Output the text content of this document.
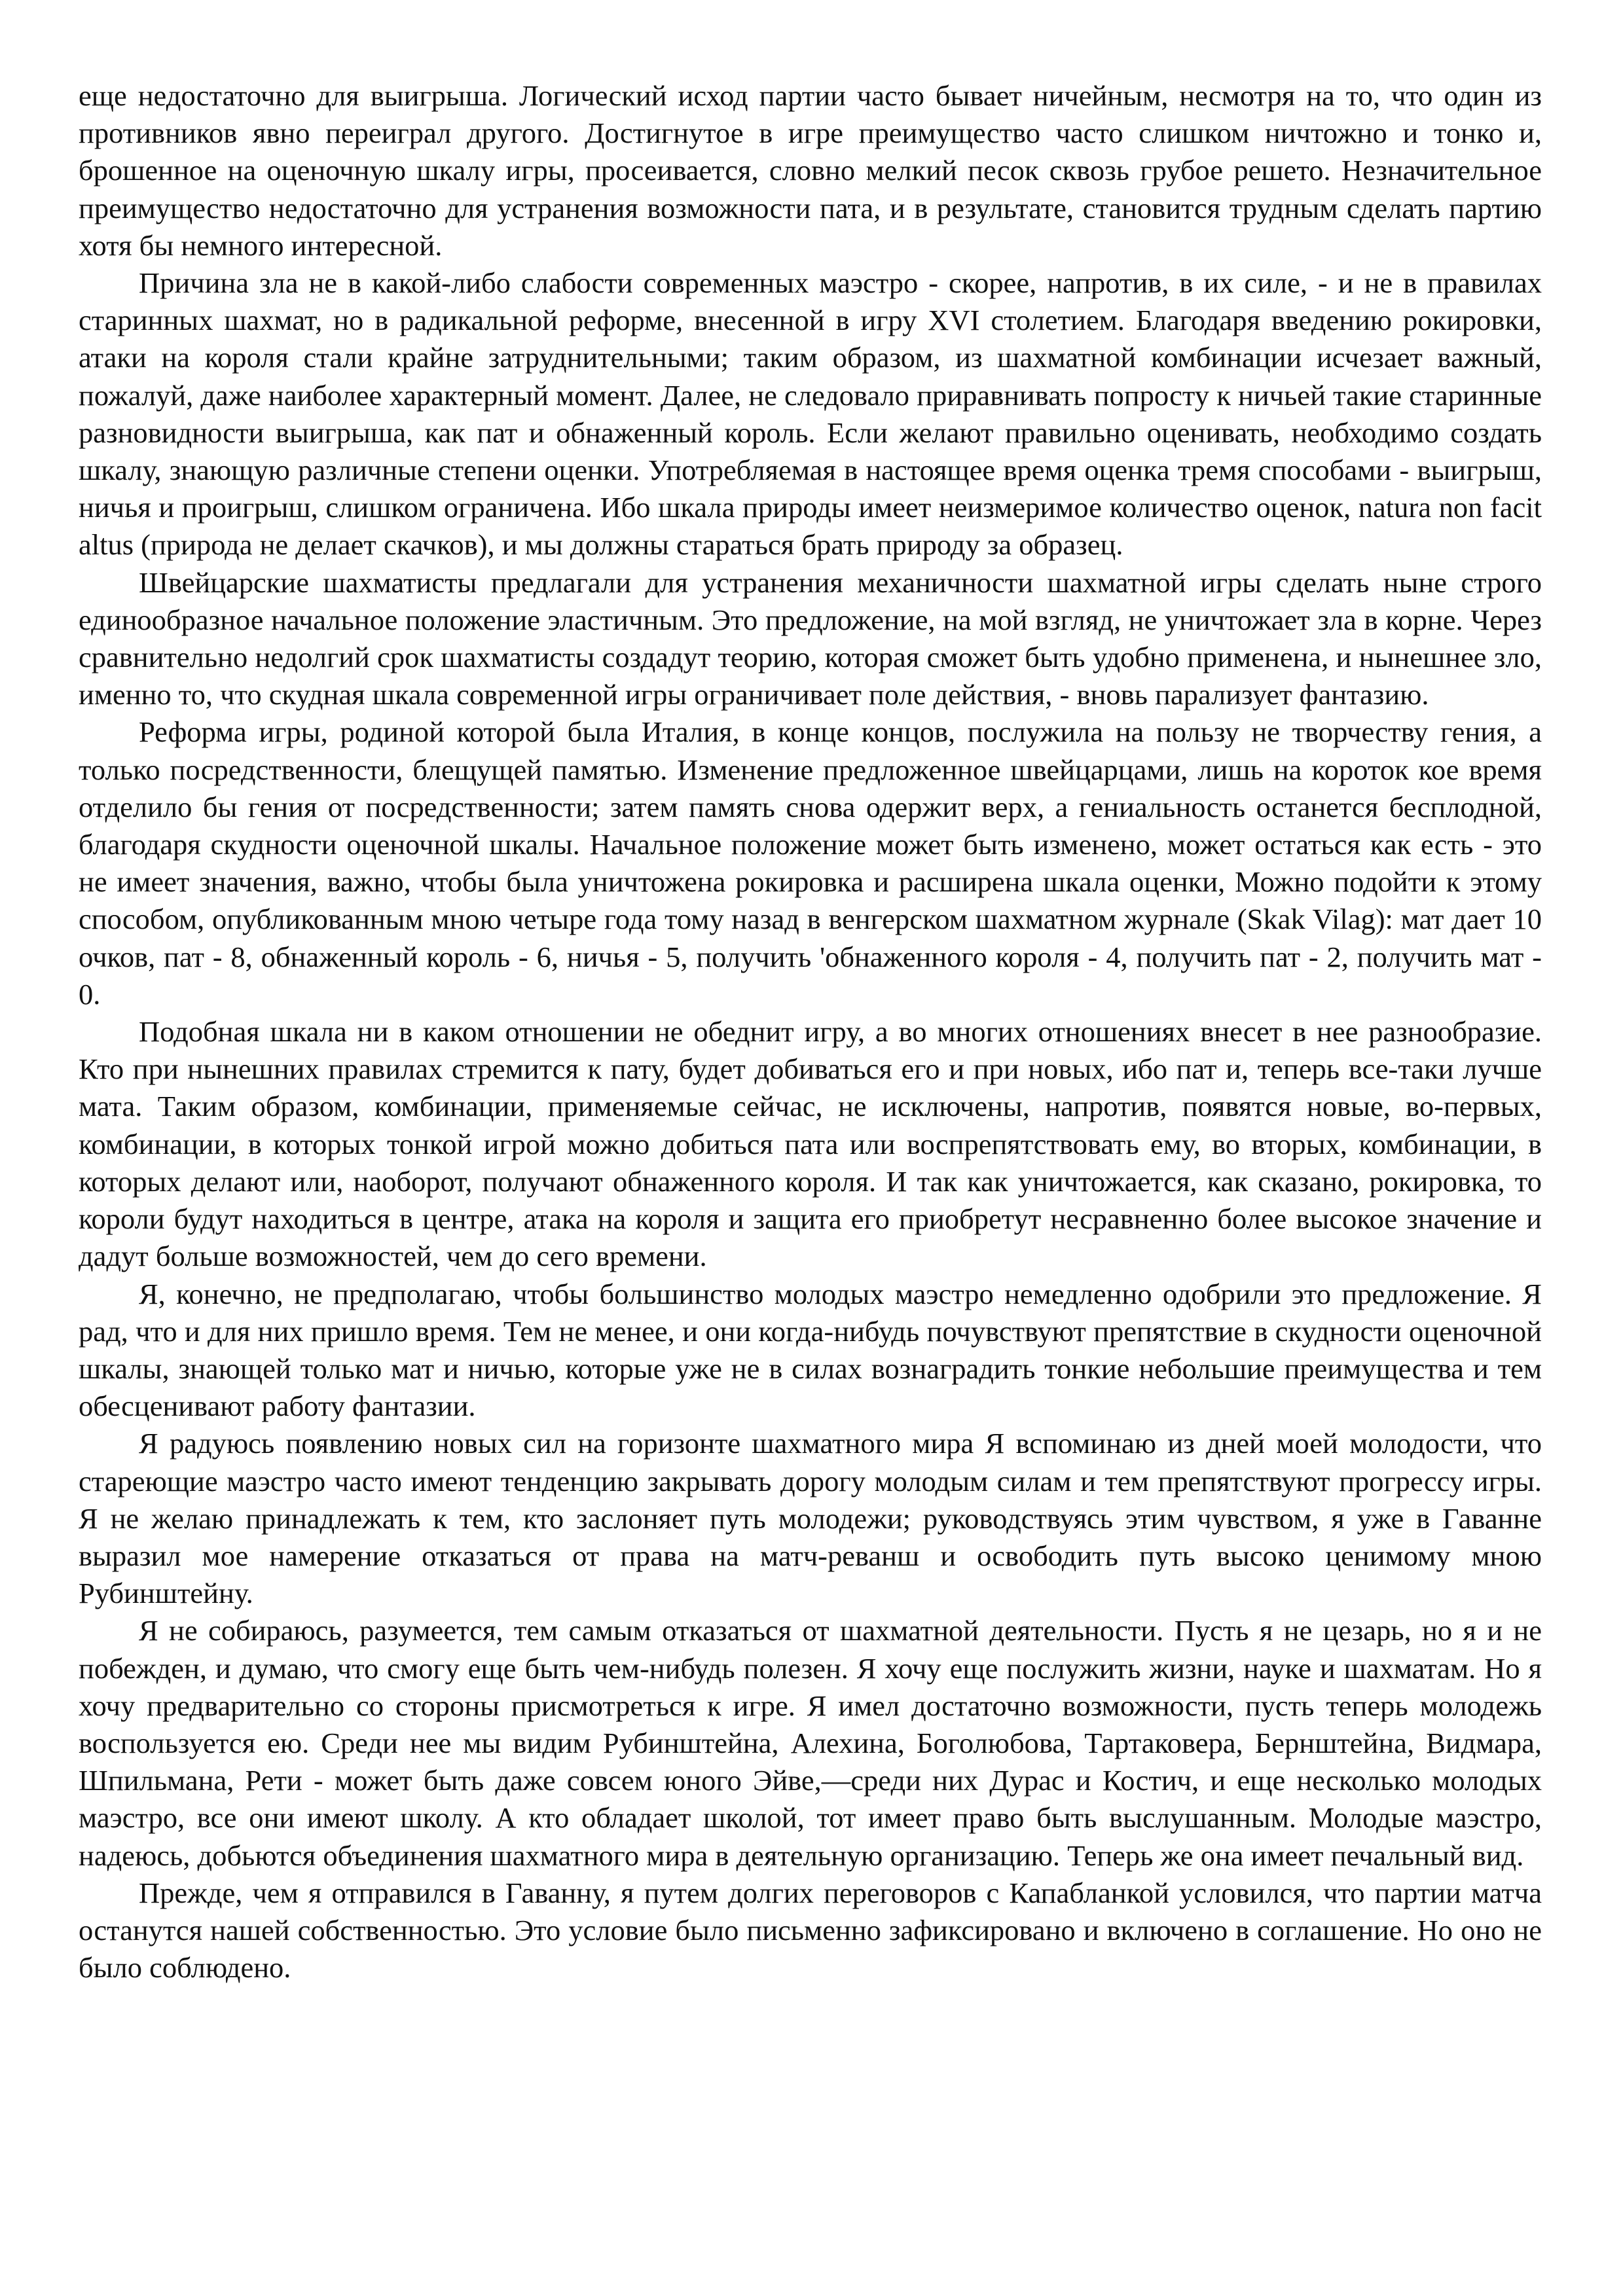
еще недостаточно для выигрыша. Логический исход партии часто бывает ничейным, несмотря на то, что один из противников явно переиграл другого. Достигнутое в игре преимущество часто слишком ничтожно и тонко и, брошенное на оценочную шкалу игры, просеивается, словно мелкий песок сквозь грубое решето. Незначительное преимущество недостаточно для устранения возможности пата, и в результате, становится трудным сделать партию хотя бы немного интересной.

Причина зла не в какой-либо слабости современных маэстро - скорее, напротив, в их силе, - и не в правилах старинных шахмат, но в радикальной реформе, внесенной в игру XVI столетием. Благодаря введению рокировки, атаки на короля стали крайне затруднительными; таким образом, из шахматной комбинации исчезает важный, пожалуй, даже наиболее характерный момент. Далее, не следовало приравнивать попросту к ничьей такие старинные разновидности выигрыша, как пат и обнаженный король. Если желают правильно оценивать, необходимо создать шкалу, знающую различные степени оценки. Употребляемая в настоящее время оценка тремя способами - выигрыш, ничья и проигрыш, слишком ограничена. Ибо шкала природы имеет неизмеримое количество оценок, natura non facit altus (природа не делает скачков), и мы должны стараться брать природу за образец.

Швейцарские шахматисты предлагали для устранения механичности шахматной игры сделать ныне строго единообразное начальное положение эластичным. Это предложение, на мой взгляд, не уничтожает зла в корне. Через сравнительно недолгий срок шахматисты создадут теорию, которая сможет быть удобно применена, и нынешнее зло, именно то, что скудная шкала современной игры ограничивает поле действия, - вновь парализует фантазию.

Реформа игры, родиной которой была Италия, в конце концов, послужила на пользу не творчеству гения, а только посредственности, блещущей памятью. Изменение предложенное швейцарцами, лишь на короток кое время отделило бы гения от посредственности; затем память снова одержит верх, а гениальность останется бесплодной, благодаря скудности оценочной шкалы. Начальное положение может быть изменено, может остаться как есть - это не имеет значения, важно, чтобы была уничтожена рокировка и расширена шкала оценки, Можно подойти к этому способом, опубликованным мною четыре года тому назад в венгерском шахматном журнале (Skak Vilag): мат дает 10 очков, пат - 8, обнаженный король - 6, ничья - 5, получить 'обнаженного короля - 4, получить пат - 2, получить мат - 0.

Подобная шкала ни в каком отношении не обеднит игру, а во многих отношениях внесет в нее разнообразие. Кто при нынешних правилах стремится к пату, будет добиваться его и при новых, ибо пат и, теперь все-таки лучше мата. Таким образом, комбинации, применяемые сейчас, не исключены, напротив, появятся новые, во-первых, комбинации, в которых тонкой игрой можно добиться пата или воспрепятствовать ему, во вторых, комбинации, в которых делают или, наоборот, получают обнаженного короля. И так как уничтожается, как сказано, рокировка, то короли будут находиться в центре, атака на короля и защита его приобретут несравненно более высокое значение и дадут больше возможностей, чем до сего времени.

Я, конечно, не предполагаю, чтобы большинство молодых маэстро немедленно одобрили это предложение. Я рад, что и для них пришло время. Тем не менее, и они когда-нибудь почувствуют препятствие в скудности оценочной шкалы, знающей только мат и ничью, которые уже не в силах вознаградить тонкие небольшие преимущества и тем обесценивают работу фантазии.

Я радуюсь появлению новых сил на горизонте шахматного мира Я вспоминаю из дней моей молодости, что стареющие маэстро часто имеют тенденцию закрывать дорогу молодым силам и тем препятствуют прогрессу игры. Я не желаю принадлежать к тем, кто заслоняет путь молодежи; руководствуясь этим чувством, я уже в Гаванне выразил мое намерение отказаться от права на матч-реванш и освободить путь высоко ценимому мною Рубинштейну.

Я не собираюсь, разумеется, тем самым отказаться от шахматной деятельности. Пусть я не цезарь, но я и не побежден, и думаю, что смогу еще быть чем-нибудь полезен. Я хочу еще послужить жизни, науке и шахматам. Но я хочу предварительно со стороны присмотреться к игре. Я имел достаточно возможности, пусть теперь молодежь воспользуется ею. Среди нее мы видим Рубинштейна, Алехина, Боголюбова, Тартаковера, Бернштейна, Видмара, Шпильмана, Рети - может быть даже совсем юного Эйве,—среди них Дурас и Костич, и еще несколько молодых маэстро, все они имеют школу. А кто обладает школой, тот имеет право быть выслушанным. Молодые маэстро, надеюсь, добьются объединения шахматного мира в деятельную организацию. Теперь же она имеет печальный вид.

Прежде, чем я отправился в Гаванну, я путем долгих переговоров с Капабланкой условился, что партии матча останутся нашей собственностью. Это условие было письменно зафиксировано и включено в соглашение. Но оно не было соблюдено.
